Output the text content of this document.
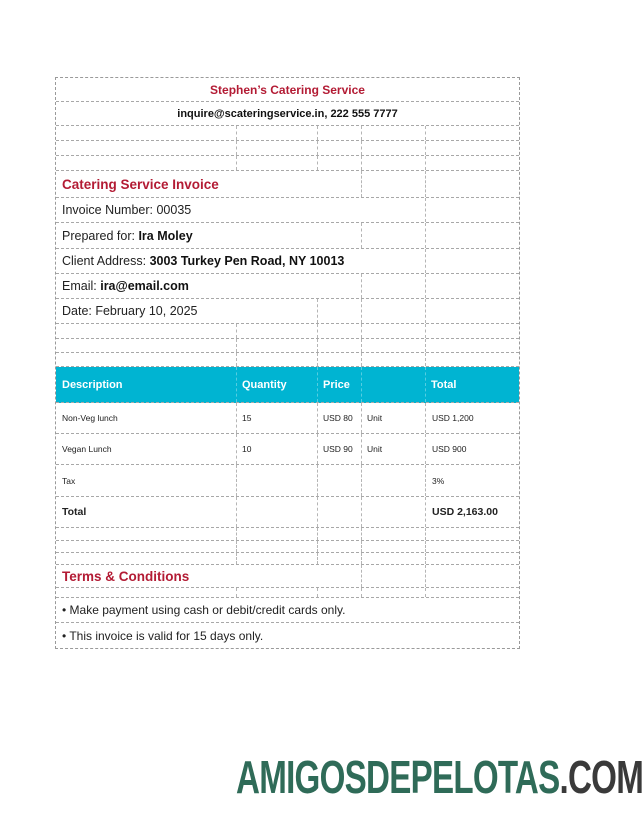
Stephen’s Catering Service
inquire@scateringservice.in, 222 555 7777
Catering Service Invoice
Invoice Number: 00035
Prepared for:
Ira Moley
Client Address:
3003 Turkey Pen Road, NY 10013
Email:
ira@email.com
Date: February 10, 2025
Description	Quantity	Price	Total
Non-Veg lunch	15	USD 80 Unit	USD 1,200
Vegan Lunch	10	USD 90 Unit	USD 900
Tax	3%
Total	USD 2,163.00
Terms & Conditions
• Make payment using cash or debit/credit cards only.
• This invoice is valid for 15 days only.
AMIGOSDEPELOTAS.COM
